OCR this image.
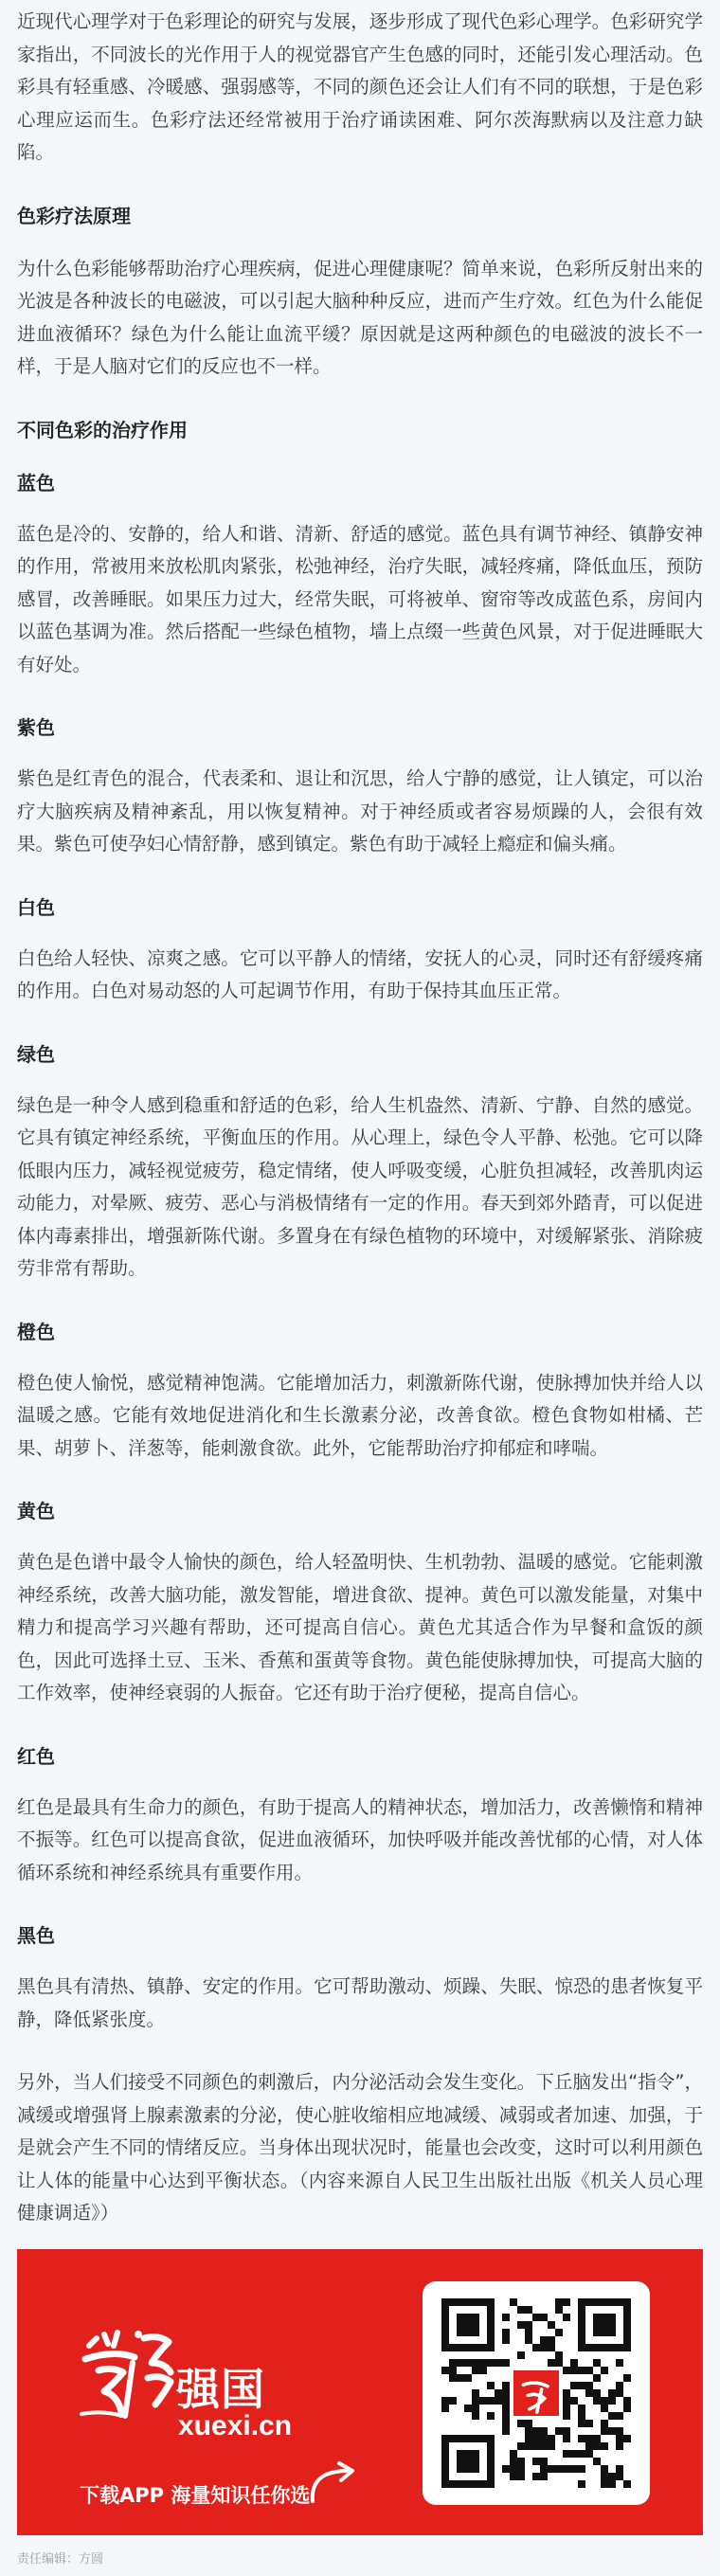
近现代心理学对于色彩理论的研究与发展，逐步形成了现代色彩心理学。色彩研究学家指出，不同波长的光作用于人的视觉器官产生色感的同时，还能引发心理活动。色彩具有轻重感、冷暖感、强弱感等，不同的颜色还会让人们有不同的联想，于是色彩心理应运而生。色彩疗法还经常被用于治疗诵读困难、阿尔茨海默病以及注意力缺陷。

色彩疗法原理

为什么色彩能够帮助治疗心理疾病，促进心理健康呢？简单来说，色彩所反射出来的光波是各种波长的电磁波，可以引起大脑种种反应，进而产生疗效。红色为什么能促进血液循环？绿色为什么能让血流平缓？原因就是这两种颜色的电磁波的波长不一样，于是人脑对它们的反应也不一样。

不同色彩的治疗作用
蓝色

蓝色是冷的、安静的，给人和谐、清新、舒适的感觉。蓝色具有调节神经、镇静安神的作用，常被用来放松肌肉紧张，松弛神经，治疗失眠，减轻疼痛，降低血压，预防感冒，改善睡眠。如果压力过大，经常失眠，可将被单、窗帘等改成蓝色系，房间内以蓝色基调为准。然后搭配一些绿色植物，墙上点缀一些黄色风景，对于促进睡眠大有好处。

紫色

紫色是红青色的混合，代表柔和、退让和沉思，给人宁静的感觉，让人镇定，可以治疗大脑疾病及精神紊乱，用以恢复精神。对于神经质或者容易烦躁的人，会很有效果。紫色可使孕妇心情舒静，感到镇定。紫色有助于减轻上瘾症和偏头痛。

白色

白色给人轻快、凉爽之感。它可以平静人的情绪，安抚人的心灵，同时还有舒缓疼痛的作用。白色对易动怒的人可起调节作用，有助于保持其血压正常。

绿色

绿色是一种令人感到稳重和舒适的色彩，给人生机盎然、清新、宁静、自然的感觉。它具有镇定神经系统，平衡血压的作用。从心理上，绿色令人平静、松弛。它可以降低眼内压力，减轻视觉疲劳，稳定情绪，使人呼吸变缓，心脏负担减轻，改善肌肉运动能力，对晕厥、疲劳、恶心与消极情绪有一定的作用。春天到郊外踏青，可以促进体内毒素排出，增强新陈代谢。多置身在有绿色植物的环境中，对缓解紧张、消除疲劳非常有帮助。

橙色

橙色使人愉悦，感觉精神饱满。它能增加活力，刺激新陈代谢，使脉搏加快并给人以温暖之感。它能有效地促进消化和生长激素分泌，改善食欲。橙色食物如柑橘、芒果、胡萝卜、洋葱等，能刺激食欲。此外，它能帮助治疗抑郁症和哮喘。

黄色

黄色是色谱中最令人愉快的颜色，给人轻盈明快、生机勃勃、温暖的感觉。它能刺激神经系统，改善大脑功能，激发智能，增进食欲、提神。黄色可以激发能量，对集中精力和提高学习兴趣有帮助，还可提高自信心。黄色尤其适合作为早餐和盒饭的颜色，因此可选择土豆、玉米、香蕉和蛋黄等食物。黄色能使脉搏加快，可提高大脑的工作效率，使神经衰弱的人振奋。它还有助于治疗便秘，提高自信心。

红色

红色是最具有生命力的颜色，有助于提高人的精神状态，增加活力，改善懒惰和精神不振等。红色可以提高食欲，促进血液循环，加快呼吸并能改善忧郁的心情，对人体循环系统和神经系统具有重要作用。

黑色

黑色具有清热、镇静、安定的作用。它可帮助激动、烦躁、失眠、惊恐的患者恢复平静，降低紧张度。

另外，当人们接受不同颜色的刺激后，内分泌活动会发生变化。下丘脑发出“指令”，减缓或增强肾上腺素激素的分泌，使心脏收缩相应地减缓、减弱或者加速、加强，于是就会产生不同的情绪反应。当身体出现状况时，能量也会改变，这时可以利用颜色让人体的能量中心达到平衡状态。（内容来源自人民卫生出版社出版《机关人员心理健康调适》）

强国
xuexi.cn
下载APP 海量知识任你选
责任编辑：方圆
